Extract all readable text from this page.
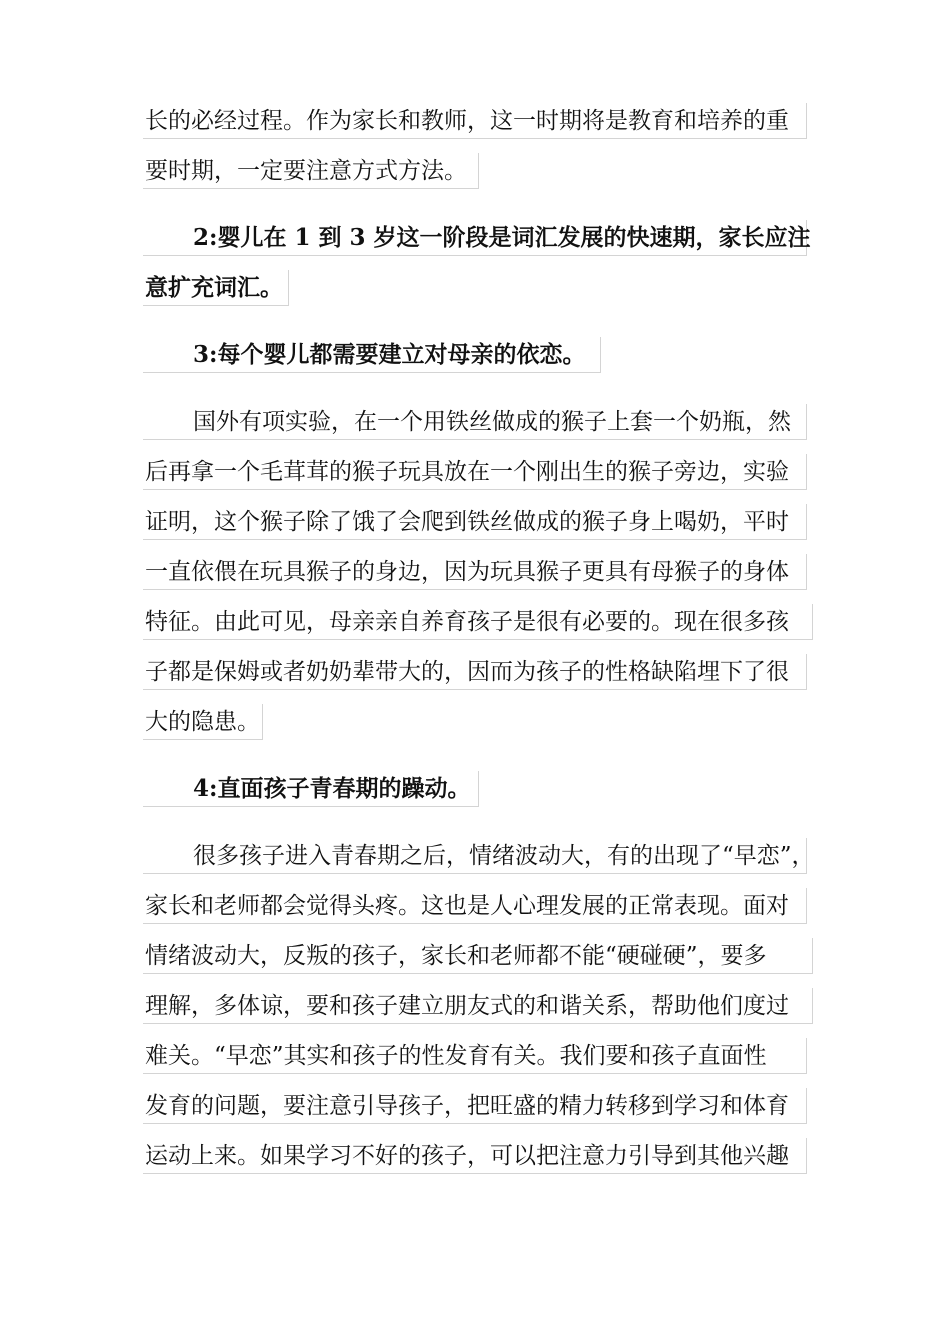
长的必经过程。作为家长和教师，这一时期将是教育和培养的重
要时期，一定要注意方式方法。
2:婴儿在 1 到 3 岁这一阶段是词汇发展的快速期，家长应注
意扩充词汇。
3:每个婴儿都需要建立对母亲的依恋。
国外有项实验，在一个用铁丝做成的猴子上套一个奶瓶，然
后再拿一个毛茸茸的猴子玩具放在一个刚出生的猴子旁边，实验
证明，这个猴子除了饿了会爬到铁丝做成的猴子身上喝奶，平时
一直依偎在玩具猴子的身边，因为玩具猴子更具有母猴子的身体
特征。由此可见，母亲亲自养育孩子是很有必要的。现在很多孩
子都是保姆或者奶奶辈带大的，因而为孩子的性格缺陷埋下了很
大的隐患。
4:直面孩子青春期的躁动。
很多孩子进入青春期之后，情绪波动大，有的出现了“早恋”，
家长和老师都会觉得头疼。这也是人心理发展的正常表现。面对
情绪波动大，反叛的孩子，家长和老师都不能“硬碰硬”，要多
理解，多体谅，要和孩子建立朋友式的和谐关系，帮助他们度过
难关。“早恋”其实和孩子的性发育有关。我们要和孩子直面性
发育的问题，要注意引导孩子，把旺盛的精力转移到学习和体育
运动上来。如果学习不好的孩子，可以把注意力引导到其他兴趣
